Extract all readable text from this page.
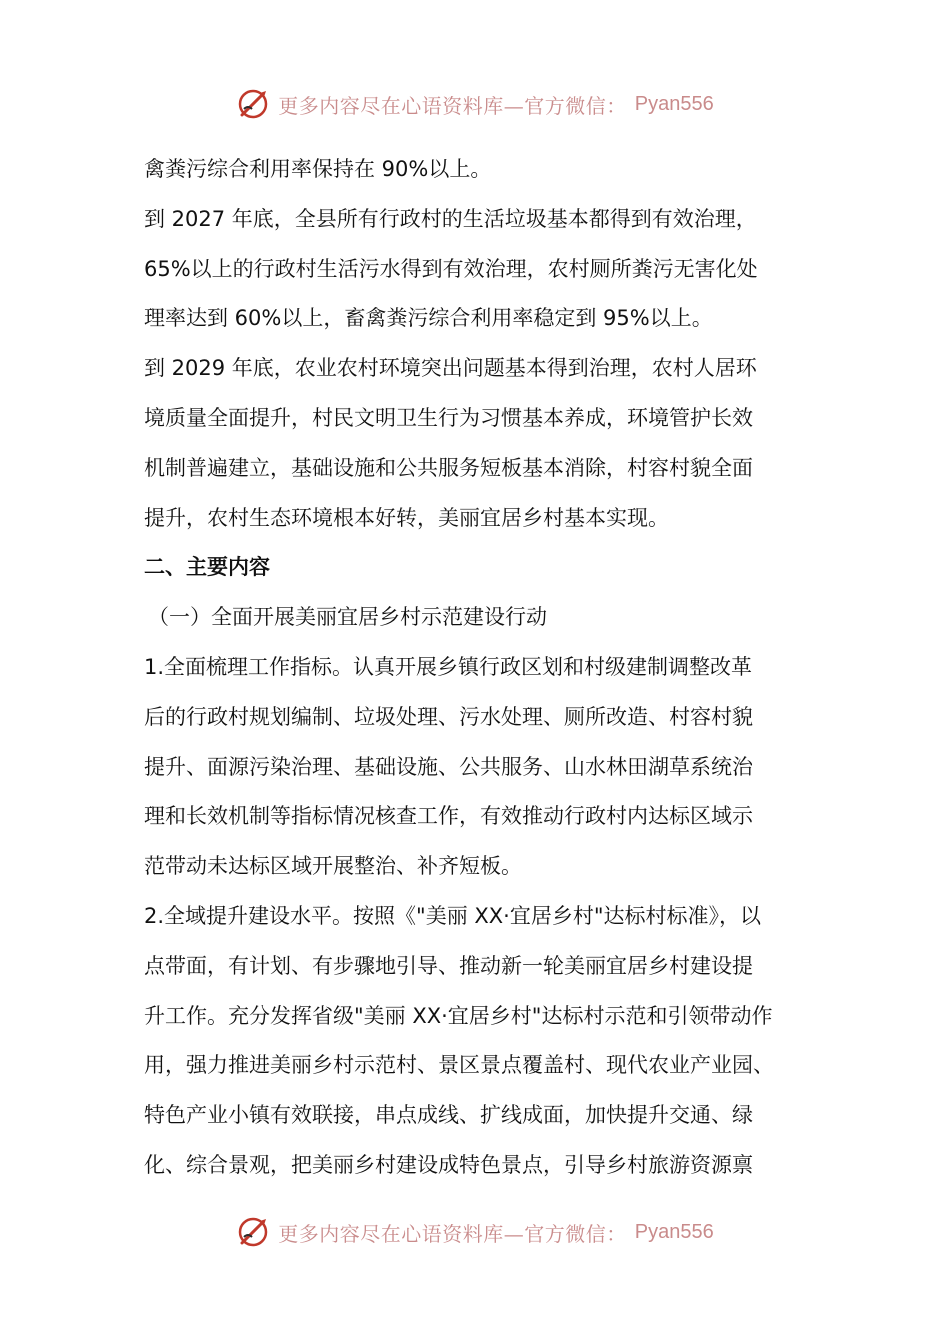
更多内容尽在心语资料库—官方微信： Pyan556
禽粪污综合利用率保持在 90%以上。
到 2027 年底，全县所有行政村的生活垃圾基本都得到有效治理，
65%以上的行政村生活污水得到有效治理，农村厕所粪污无害化处
理率达到 60%以上，畜禽粪污综合利用率稳定到 95%以上。
到 2029 年底，农业农村环境突出问题基本得到治理，农村人居环
境质量全面提升，村民文明卫生行为习惯基本养成，环境管护长效
机制普遍建立，基础设施和公共服务短板基本消除，村容村貌全面
提升，农村生态环境根本好转，美丽宜居乡村基本实现。
二、主要内容
（一）全面开展美丽宜居乡村示范建设行动
1.全面梳理工作指标。认真开展乡镇行政区划和村级建制调整改革
后的行政村规划编制、垃圾处理、污水处理、厕所改造、村容村貌
提升、面源污染治理、基础设施、公共服务、山水林田湖草系统治
理和长效机制等指标情况核查工作，有效推动行政村内达标区域示
范带动未达标区域开展整治、补齐短板。
2.全域提升建设水平。按照《"美丽 XX·宜居乡村"达标村标准》，以
点带面，有计划、有步骤地引导、推动新一轮美丽宜居乡村建设提
升工作。充分发挥省级"美丽 XX·宜居乡村"达标村示范和引领带动作
用，强力推进美丽乡村示范村、景区景点覆盖村、现代农业产业园、
特色产业小镇有效联接，串点成线、扩线成面，加快提升交通、绿
化、综合景观，把美丽乡村建设成特色景点，引导乡村旅游资源禀
更多内容尽在心语资料库—官方微信： Pyan556
